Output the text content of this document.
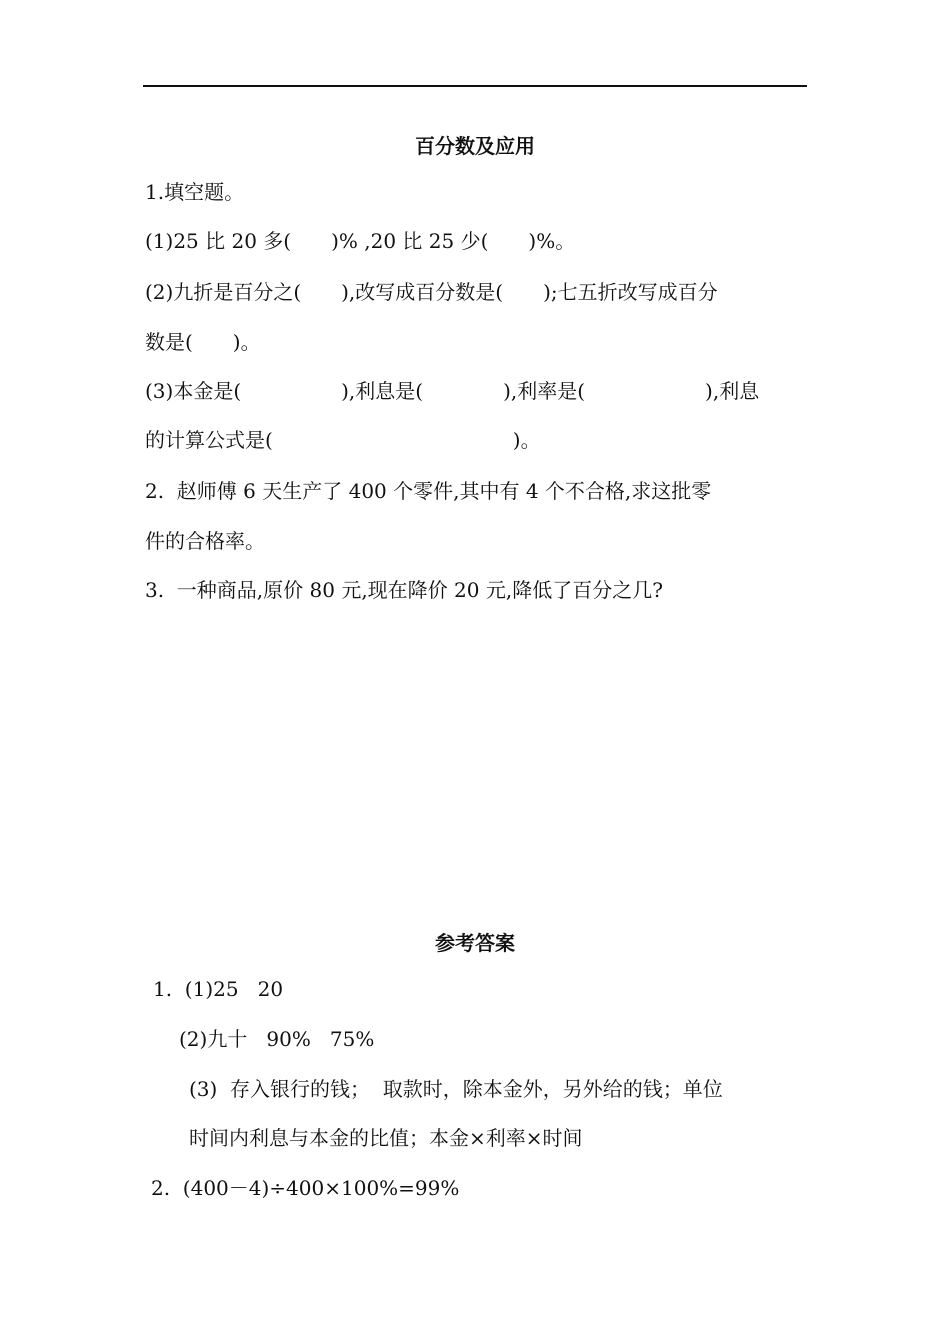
百分数及应用
1.填空题。
(1)25 比 20 多(　　)% ,20 比 25 少(　　)%。
(2)九折是百分之(　　),改写成百分数是(　　);七五折改写成百分
数是(　　)。
(3)本金是(　　　　　),利息是(　　　　),利率是(　　　　　　),利息
的计算公式是(　　　　　　　　　　　　)。
2.  赵师傅 6 天生产了 400 个零件,其中有 4 个不合格,求这批零
件的合格率。
3.  一种商品,原价 80 元,现在降价 20 元,降低了百分之几?
参考答案
1.  (1)25   20
(2)九十   90%   75%
(3)  存入银行的钱；  取款时，除本金外，另外给的钱；单位
时间内利息与本金的比值；本金×利率×时间
2.  (400－4)÷400×100%=99%
